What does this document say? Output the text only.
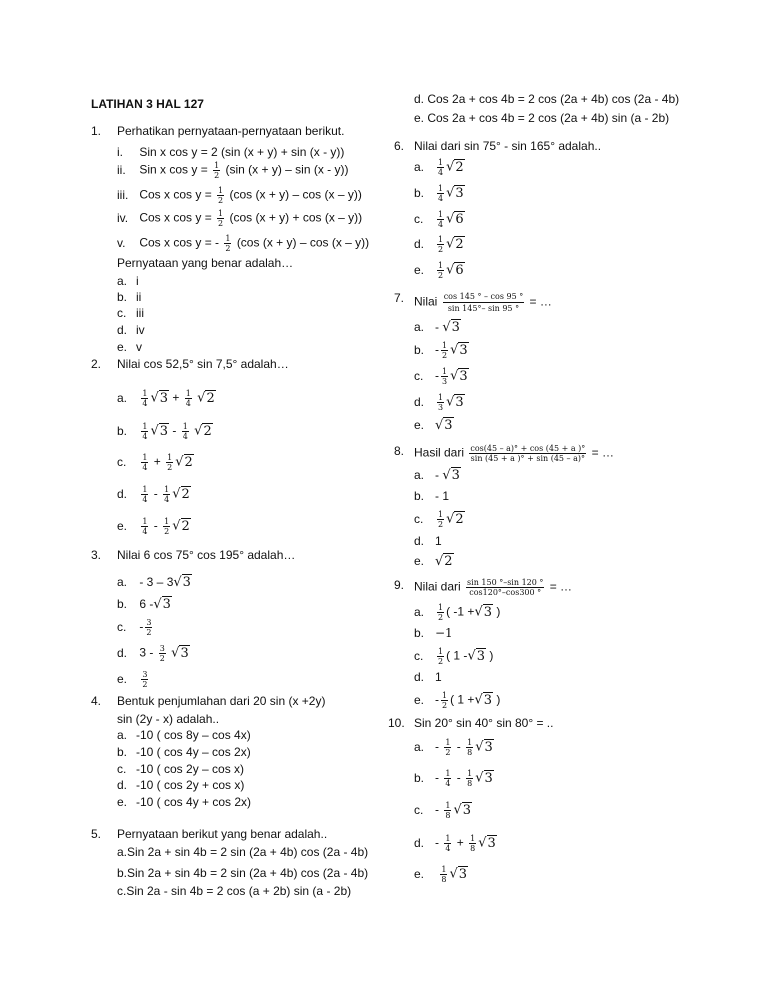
LATIHAN 3 HAL 127
1. Perhatikan pernyataan-pernyataan berikut.
i. Sin x cos y = 2 (sin (x + y) + sin (x - y))
ii. Sin x $\cos y = \frac{1}{2} (\sin$ (x + y) – sin (x - y))
iii. Cos x $\cos y = \frac{1}{2} (\cos$ (x + y) – cos (x – y))
iv. Cos x $\cos y = \frac{1}{2} (\cos$ (x + y) + cos (x – y))
v. Cos x cos y = - $\frac{1}{2} (\cos$ (x + y) – cos (x – y))
Pernyataan yang benar adalah…
a. i
b. ii
c. iii
d. iv
e. v
2. Nilai cos 52,5° sin 7,5° adalah…
a. $\frac{1}{4} √3 + \frac{1}{4} √2$
b. $\frac{1}{4} √3 - \frac{1}{4} √2$
c. $\frac{1}{4} + \frac{1}{2} √2$
d. $\frac{1}{4} - \frac{1}{4} √2$
e. $\frac{1}{4} - \frac{1}{2} √2$
3. Nilai 6 cos 75° cos 195° adalah…
a. - 3 – 3√3
b. 6 -√3
c. - $\frac{3}{2}$
d. $3 - \frac{3}{2} √3$
e. $\frac{3}{2}$
4. Bentuk penjumlahan dari 20 sin (x +2y)
sin (2y - x) adalah..
a. -10 ( cos 8y – cos 4x)
b. -10 ( cos 4y – cos 2x)
c. -10 ( cos 2y – cos x)
d. -10 ( cos 2y + cos x)
e. -10 ( cos 4y + cos 2x)
5. Pernyataan berikut yang benar adalah..
a.Sin 2a + sin 4b = 2 sin (2a + 4b) cos (2a - 4b)
b.Sin 2a + sin 4b = 2 sin (2a + 4b) cos (2a - 4b)
c.Sin 2a - sin 4b = 2 cos (a + 2b) sin (a - 2b)
d. Cos 2a + cos 4b = 2 cos (2a + 4b) cos (2a - 4b)
e. Cos 2a + cos 4b = 2 cos (2a + 4b) sin (a - 2b)
6. Nilai dari sin 75° - sin 165° adalah..
a. $\frac{1}{4} √2$
b. $\frac{1}{4} √3$
c. $\frac{1}{4} √6$
d. $\frac{1}{2} √2$
e. $\frac{1}{2} √6$
7. Nilai $\frac{\cos 145 ^\circ - \cos 95 ^\circ}{\sin 145^\circ- \sin 95 ^\circ}$ = …
a. - √3
b. - $\frac{1}{2} √3$
c. - $\frac{1}{3} √3$
d. $\frac{1}{3} √3$
e. √3
8. Hasil dari $\frac{\cos(45 - a)^\circ + \cos (45 + a )^\circ}{\sin (45 + a )^\circ + \sin (45 - a)^\circ}$ = …
a. - √3
b. - 1
c. $\frac{1}{2} √2$
d. 1
e. √2
9. Nilai dari $\frac{\sin 150 ^\circ-\sin 120 ^\circ}{\cos 120^\circ-\cos 300 ^\circ}$ = …
a. $\frac{1}{2}$ ( -1 +√3 )
b. −1
c. $\frac{1}{2}$ ( 1 -√3 )
d. 1
e. - $\frac{1}{2}$ ( 1 +√3 )
10. Sin 20° sin 40° sin 80° = ..
a. - $\frac{1}{2} - \frac{1}{8} √3$
b. - $\frac{1}{4} - \frac{1}{8} √3$
c. - $\frac{1}{8} √3$
d. - $\frac{1}{4} + \frac{1}{8} √3$
e. $\frac{1}{8} √3$
